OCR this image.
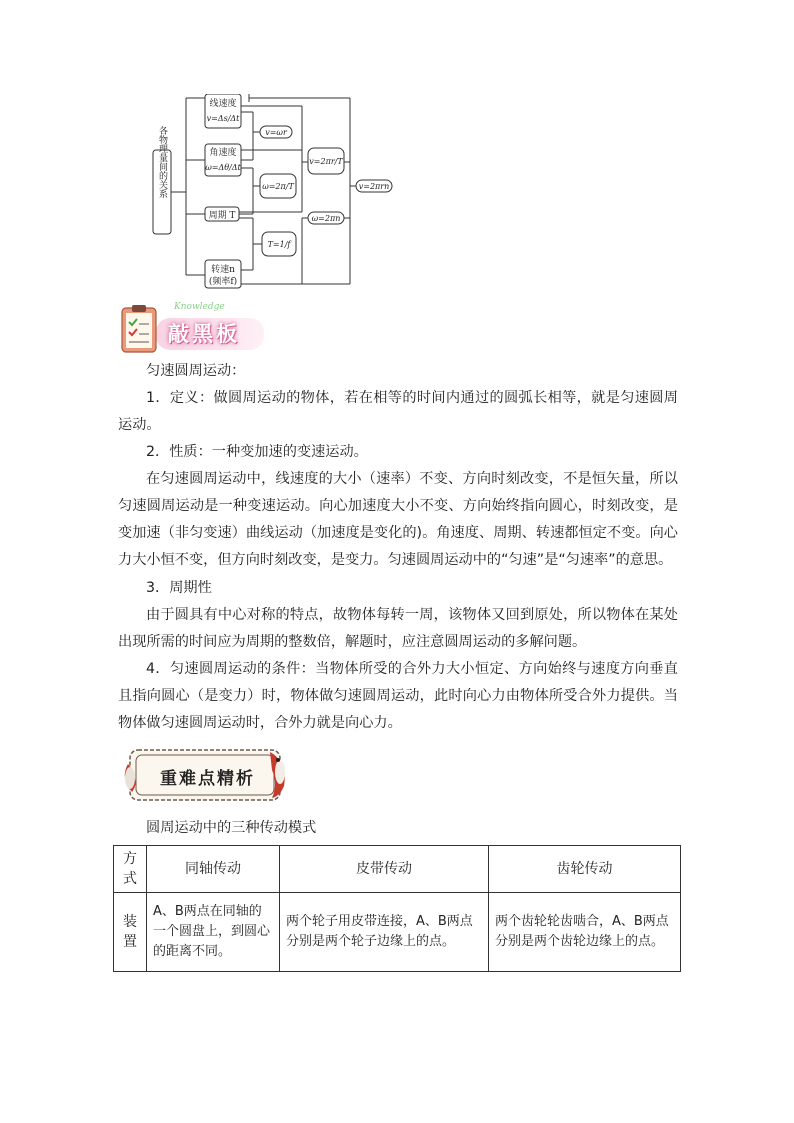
各物理量间的关系
线速度
v=Δs/Δt
角速度
ω=Δθ/Δt
周期 T
转速n
(频率f)
v=ωr
ω=2π/T
T=1/f
v=2πr/T
ω=2πn
v=2πrn
Knowledge
敲黑板
匀速圆周运动：
1．定义：做圆周运动的物体，若在相等的时间内通过的圆弧长相等，就是匀速圆周运动。
2．性质：一种变加速的变速运动。
在匀速圆周运动中，线速度的大小（速率）不变、方向时刻改变，不是恒矢量，所以匀速圆周运动是一种变速运动。向心加速度大小不变、方向始终指向圆心，时刻改变，是变加速（非匀变速）曲线运动（加速度是变化的)。角速度、周期、转速都恒定不变。向心力大小恒不变，但方向时刻改变，是变力。匀速圆周运动中的“匀速”是“匀速率”的意思。
3．周期性
由于圆具有中心对称的特点，故物体每转一周，该物体又回到原处，所以物体在某处出现所需的时间应为周期的整数倍，解题时，应注意圆周运动的多解问题。
4．匀速圆周运动的条件：当物体所受的合外力大小恒定、方向始终与速度方向垂直且指向圆心（是变力）时，物体做匀速圆周运动，此时向心力由物体所受合外力提供。当物体做匀速圆周运动时，合外力就是向心力。
重难点精析
圆周运动中的三种传动模式
方式	同轴传动	皮带传动	齿轮传动
装置	A、B两点在同轴的一个圆盘上，到圆心的距离不同。	两个轮子用皮带连接，A、B两点分别是两个轮子边缘上的点。	两个齿轮轮齿啮合，A、B两点分别是两个齿轮边缘上的点。
